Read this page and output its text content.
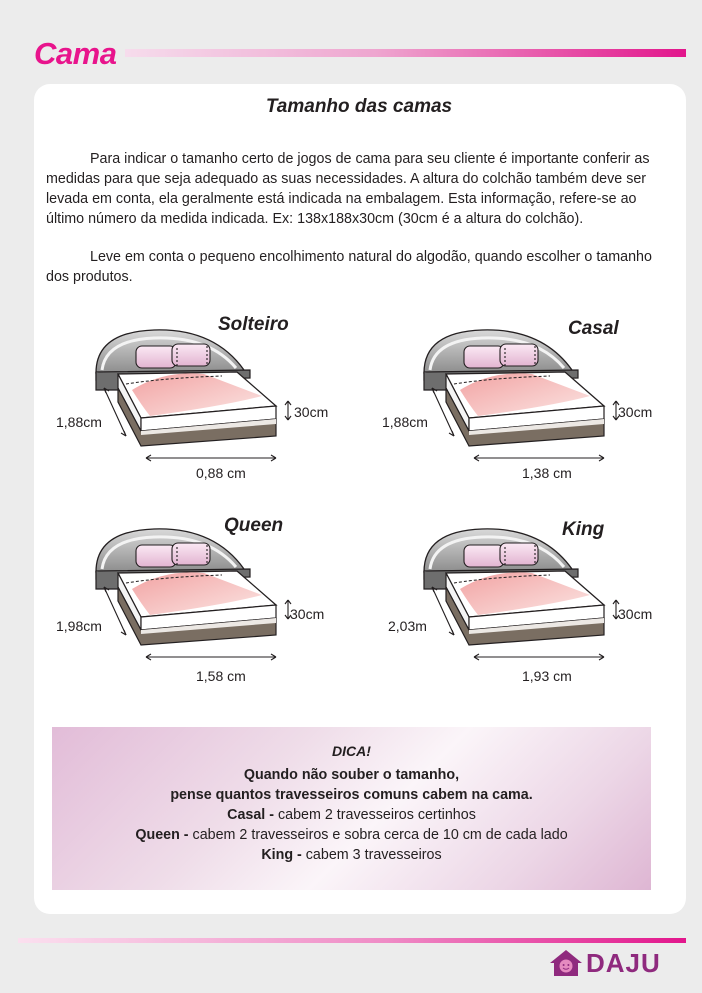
Cama
Tamanho das camas

Para indicar o tamanho certo de jogos de cama para seu cliente é importante conferir as medidas para que seja adequado as suas necessidades. A altura do colchão também deve ser levada em conta, ela geralmente está indicada na embalagem. Esta informação, refere-se ao último número da medida indicada. Ex: 138x188x30cm (30cm é a altura do colchão).

Leve em conta o pequeno encolhimento natural do algodão, quando escolher o tamanho dos produtos.

Solteiro
1,88cm
30cm
0,88 cm
Casal
1,88cm
30cm
1,38 cm
Queen
1,98cm
30cm
1,58 cm
King
2,03m
30cm
1,93 cm
DICA!
Quando não souber o tamanho,
pense quantos travesseiros comuns cabem na cama.
Casal - cabem 2 travesseiros certinhos
Queen - cabem 2 travesseiros e sobra cerca de 10 cm de cada lado
King - cabem 3 travesseiros
DAJU
